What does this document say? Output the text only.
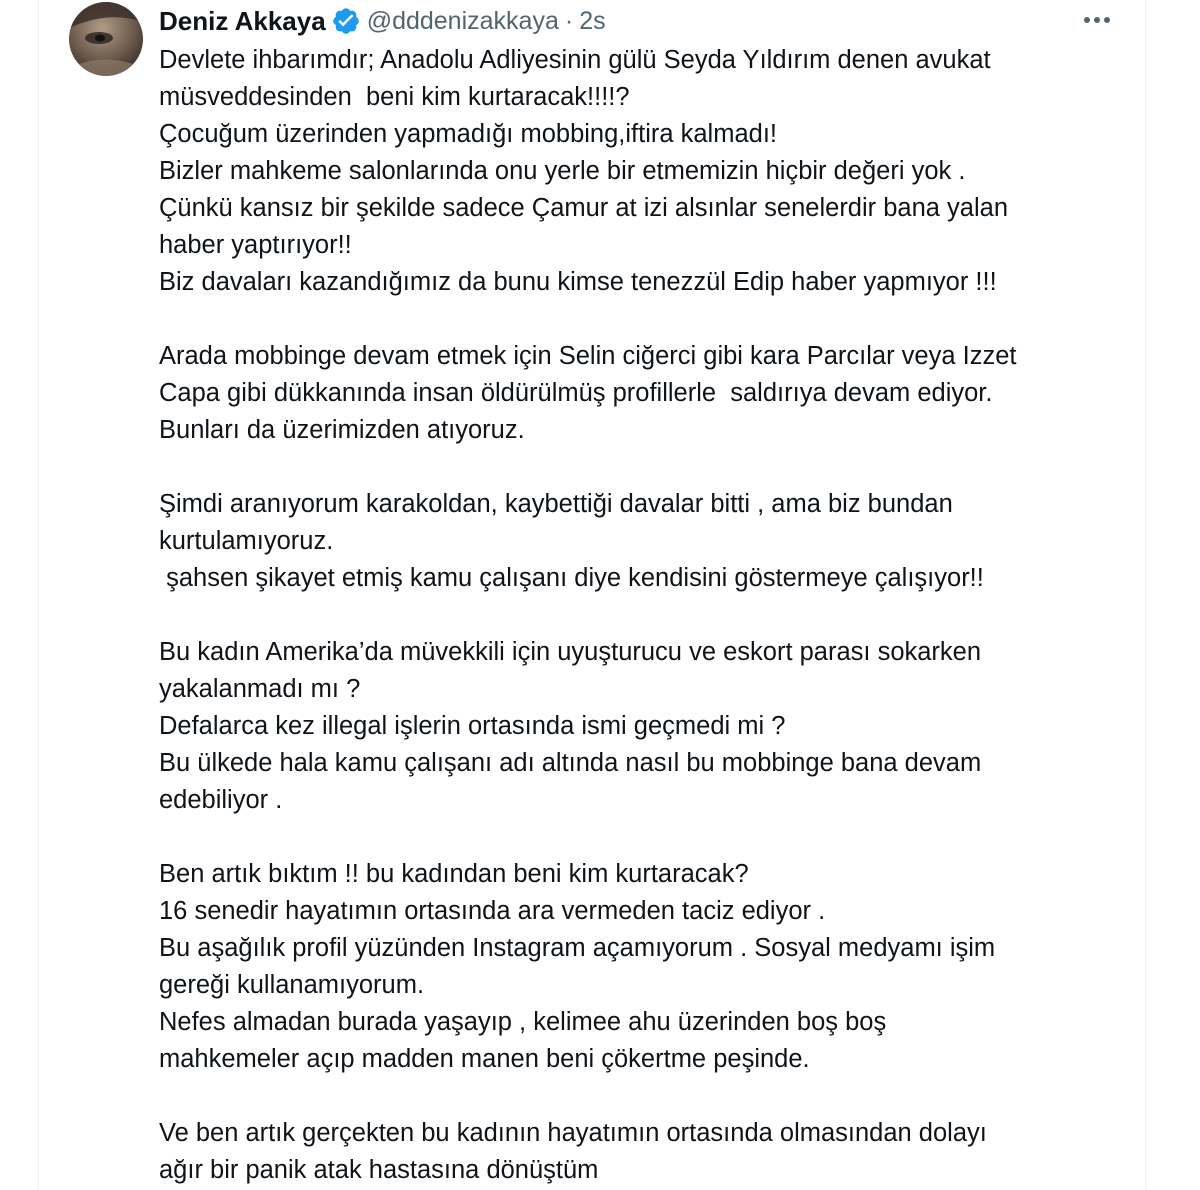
Deniz Akkaya @dddenizakkaya · 2s
Devlete ihbarımdır; Anadolu Adliyesinin gülü Seyda Yıldırım denen avukat
müsveddesinden  beni kim kurtaracak!!!!?
Çocuğum üzerinden yapmadığı mobbing,iftira kalmadı!
Bizler mahkeme salonlarında onu yerle bir etmemizin hiçbir değeri yok .
Çünkü kansız bir şekilde sadece Çamur at izi alsınlar senelerdir bana yalan
haber yaptırıyor!!
Biz davaları kazandığımız da bunu kimse tenezzül Edip haber yapmıyor !!!
Arada mobbinge devam etmek için Selin ciğerci gibi kara Parcılar veya Izzet
Capa gibi dükkanında insan öldürülmüş profillerle  saldırıya devam ediyor.
Bunları da üzerimizden atıyoruz.
Şimdi aranıyorum karakoldan, kaybettiği davalar bitti , ama biz bundan
kurtulamıyoruz.
şahsen şikayet etmiş kamu çalışanı diye kendisini göstermeye çalışıyor!!
Bu kadın Amerika’da müvekkili için uyuşturucu ve eskort parası sokarken
yakalanmadı mı ?
Defalarca kez illegal işlerin ortasında ismi geçmedi mi ?
Bu ülkede hala kamu çalışanı adı altında nasıl bu mobbinge bana devam
edebiliyor .
Ben artık bıktım !! bu kadından beni kim kurtaracak?
16 senedir hayatımın ortasında ara vermeden taciz ediyor .
Bu aşağılık profil yüzünden Instagram açamıyorum . Sosyal medyamı işim
gereği kullanamıyorum.
Nefes almadan burada yaşayıp , kelimee ahu üzerinden boş boş
mahkemeler açıp madden manen beni çökertme peşinde.
Ve ben artık gerçekten bu kadının hayatımın ortasında olmasından dolayı
ağır bir panik atak hastasına dönüştüm
